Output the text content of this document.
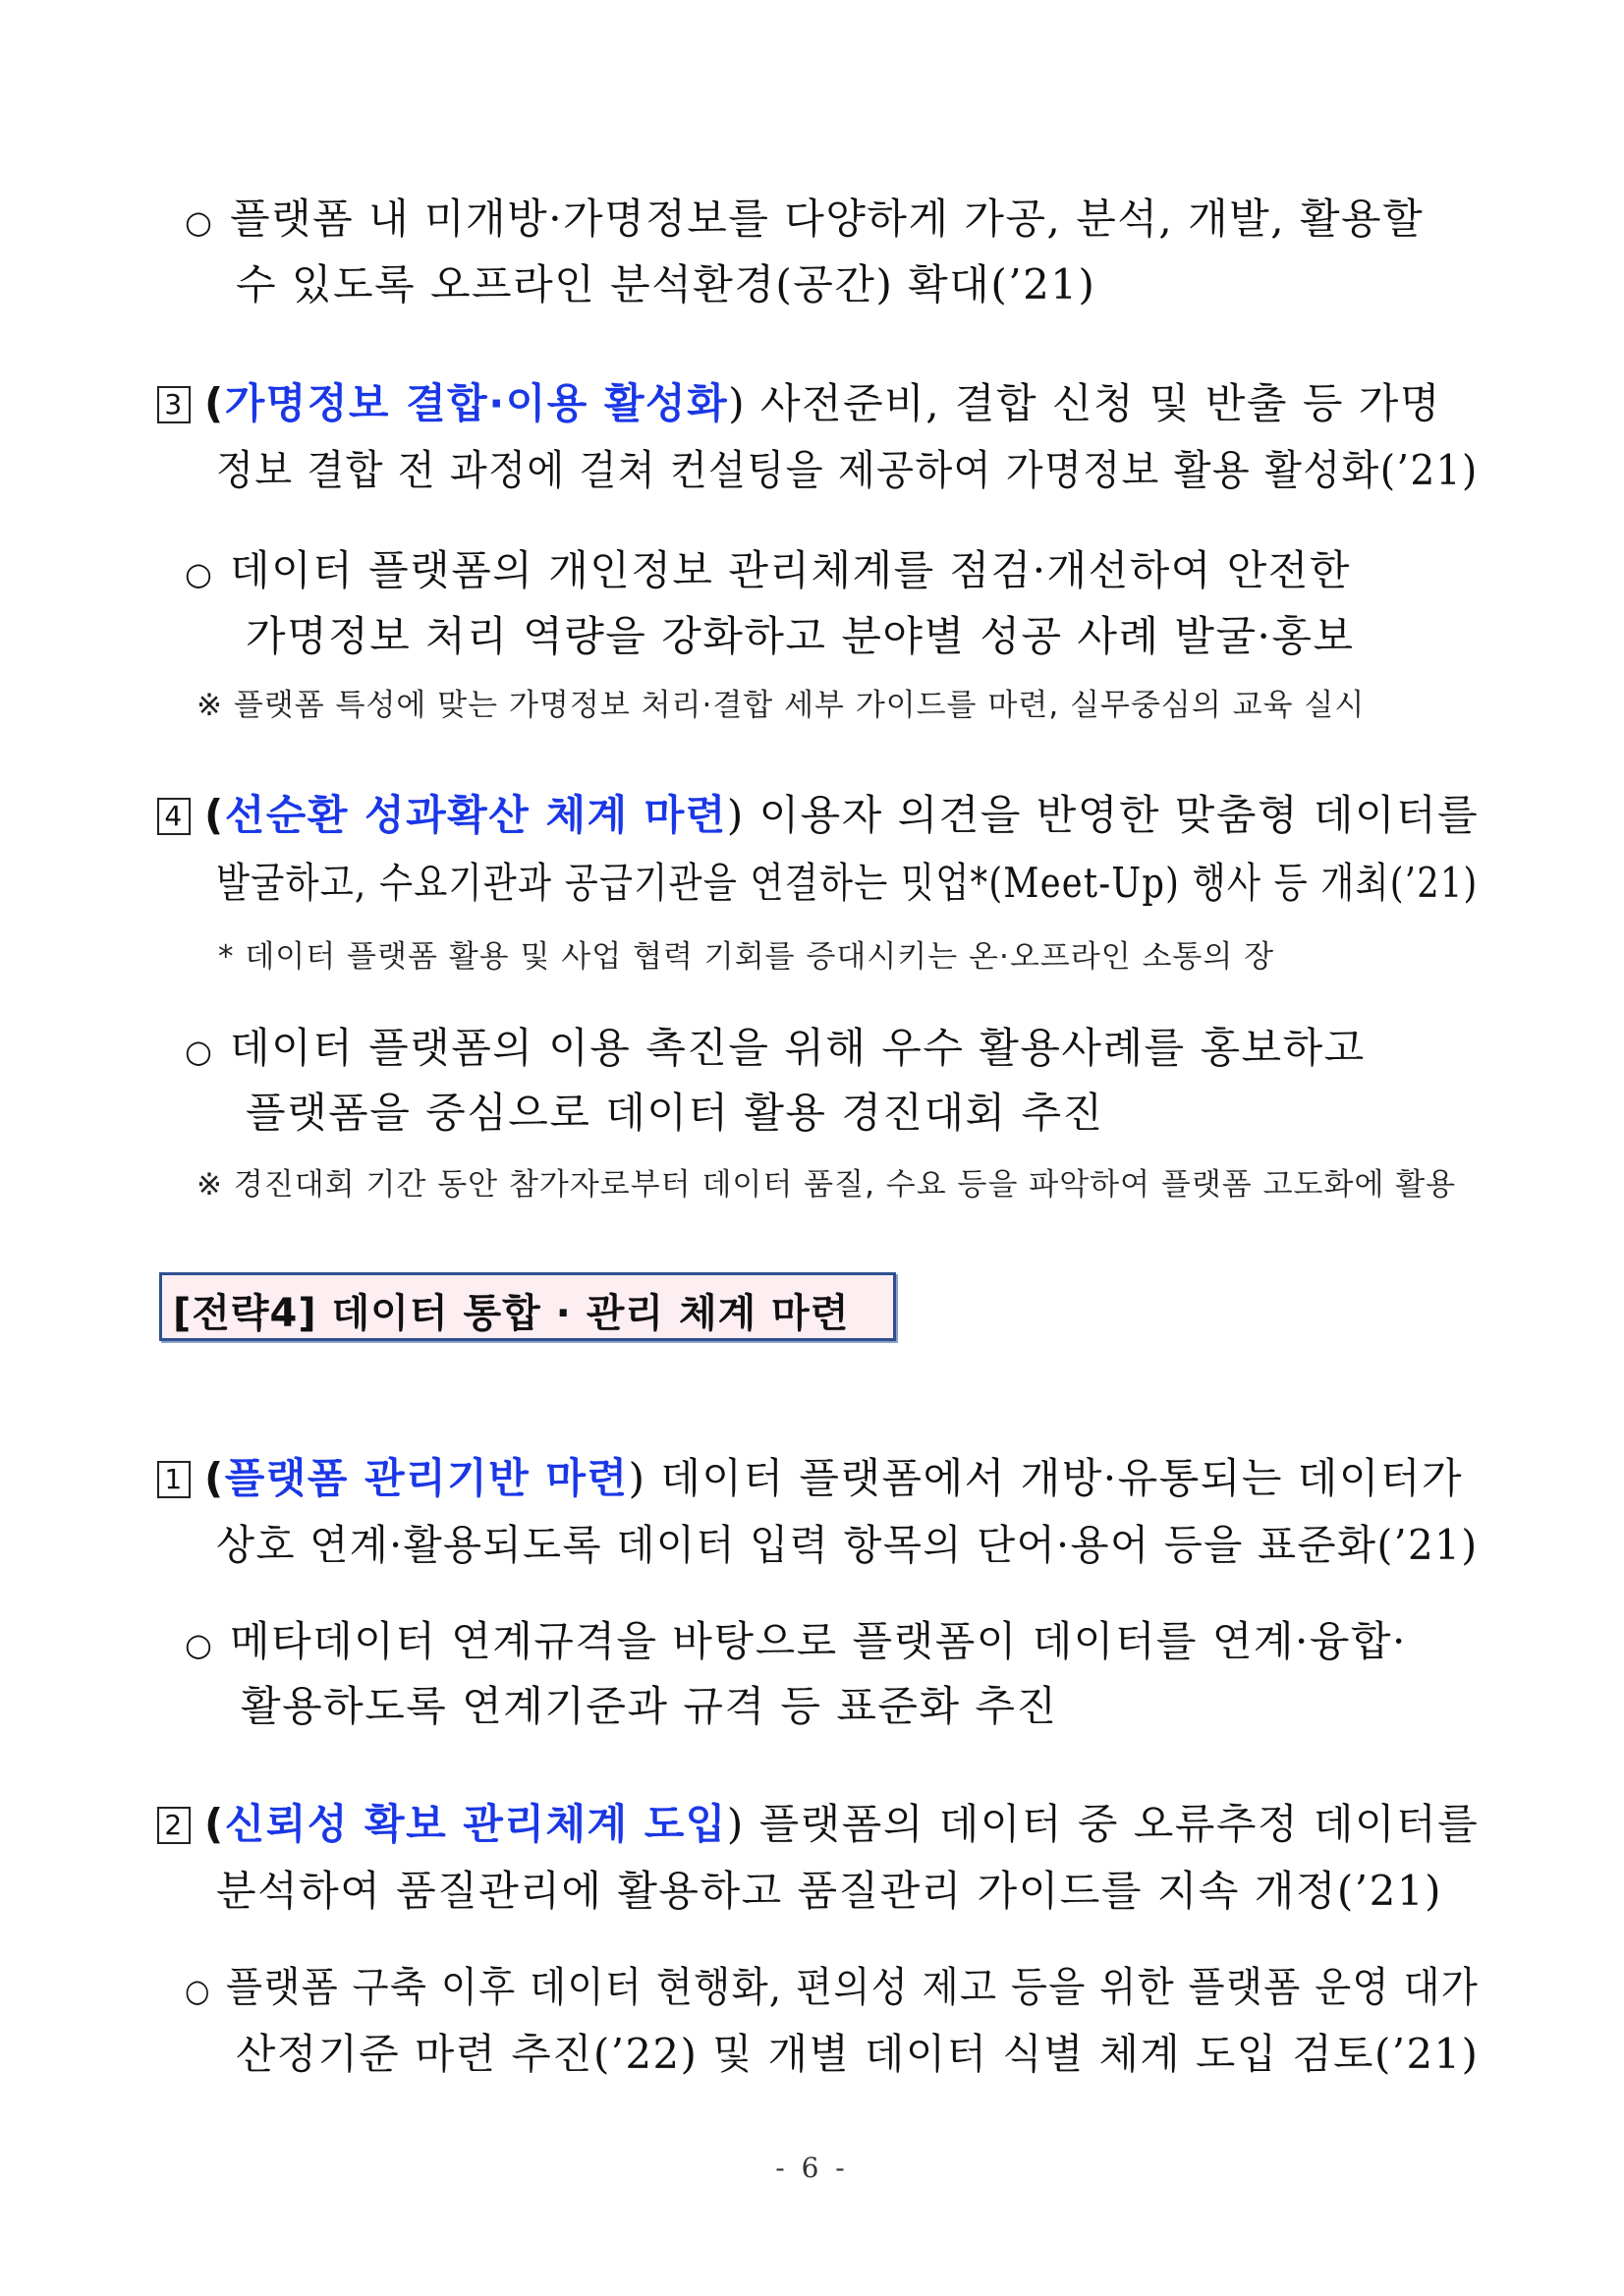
○ 플랫폼 내 미개방·가명정보를 다양하게 가공, 분석, 개발, 활용할
수 있도록 오프라인 분석환경(공간) 확대(’21)
3 (가명정보 결합·이용 활성화) 사전준비, 결합 신청 및 반출 등 가명
정보 결합 전 과정에 걸쳐 컨설팅을 제공하여 가명정보 활용 활성화(’21)
○ 데이터 플랫폼의 개인정보 관리체계를 점검·개선하여 안전한
가명정보 처리 역량을 강화하고 분야별 성공 사례 발굴·홍보
※ 플랫폼 특성에 맞는 가명정보 처리·결합 세부 가이드를 마련, 실무중심의 교육 실시
4 (선순환 성과확산 체계 마련) 이용자 의견을 반영한 맞춤형 데이터를
발굴하고, 수요기관과 공급기관을 연결하는 밋업*(Meet-Up) 행사 등 개최(’21)
* 데이터 플랫폼 활용 및 사업 협력 기회를 증대시키는 온·오프라인 소통의 장
○ 데이터 플랫폼의 이용 촉진을 위해 우수 활용사례를 홍보하고
플랫폼을 중심으로 데이터 활용 경진대회 추진
※ 경진대회 기간 동안 참가자로부터 데이터 품질, 수요 등을 파악하여 플랫폼 고도화에 활용
[전략4] 데이터 통합 · 관리 체계 마련
1 (플랫폼 관리기반 마련) 데이터 플랫폼에서 개방·유통되는 데이터가
상호 연계·활용되도록 데이터 입력 항목의 단어·용어 등을 표준화(’21)
○ 메타데이터 연계규격을 바탕으로 플랫폼이 데이터를 연계·융합·
활용하도록 연계기준과 규격 등 표준화 추진
2 (신뢰성 확보 관리체계 도입) 플랫폼의 데이터 중 오류추정 데이터를
분석하여 품질관리에 활용하고 품질관리 가이드를 지속 개정(’21)
○ 플랫폼 구축 이후 데이터 현행화, 편의성 제고 등을 위한 플랫폼 운영 대가
산정기준 마련 추진(’22) 및 개별 데이터 식별 체계 도입 검토(’21)
- 6 -
